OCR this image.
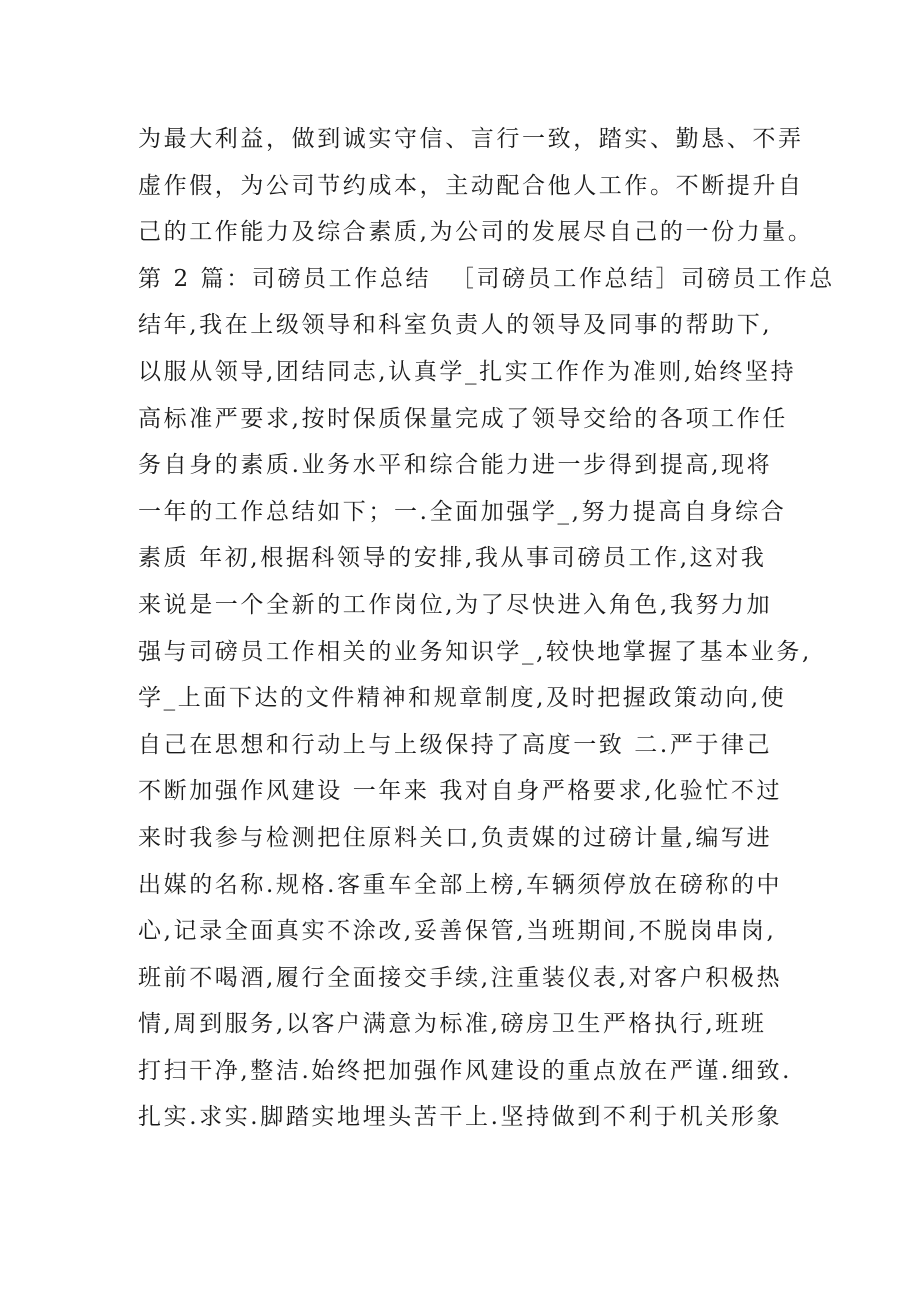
为最大利益，做到诚实守信、言行一致，踏实、勤恳、不弄
虚作假，为公司节约成本，主动配合他人工作。不断提升自
己的工作能力及综合素质,为公司的发展尽自己的一份力量。
第 2 篇：司磅员工作总结  ［司磅员工作总结］司磅员工作总
结年,我在上级领导和科室负责人的领导及同事的帮助下,
以服从领导,团结同志,认真学_扎实工作作为准则,始终坚持
高标准严要求,按时保质保量完成了领导交给的各项工作任
务自身的素质.业务水平和综合能力进一步得到提高,现将
一年的工作总结如下；一.全面加强学_,努力提高自身综合
素质 年初,根据科领导的安排,我从事司磅员工作,这对我
来说是一个全新的工作岗位,为了尽快进入角色,我努力加
强与司磅员工作相关的业务知识学_,较快地掌握了基本业务,
学_上面下达的文件精神和规章制度,及时把握政策动向,使
自己在思想和行动上与上级保持了高度一致 二.严于律己
不断加强作风建设 一年来 我对自身严格要求,化验忙不过
来时我参与检测把住原料关口,负责媒的过磅计量,编写进
出媒的名称.规格.客重车全部上榜,车辆须停放在磅称的中
心,记录全面真实不涂改,妥善保管,当班期间,不脱岗串岗,
班前不喝酒,履行全面接交手续,注重装仪表,对客户积极热
情,周到服务,以客户满意为标准,磅房卫生严格执行,班班
打扫干净,整洁.始终把加强作风建设的重点放在严谨.细致.
扎实.求实.脚踏实地埋头苦干上.坚持做到不利于机关形象
